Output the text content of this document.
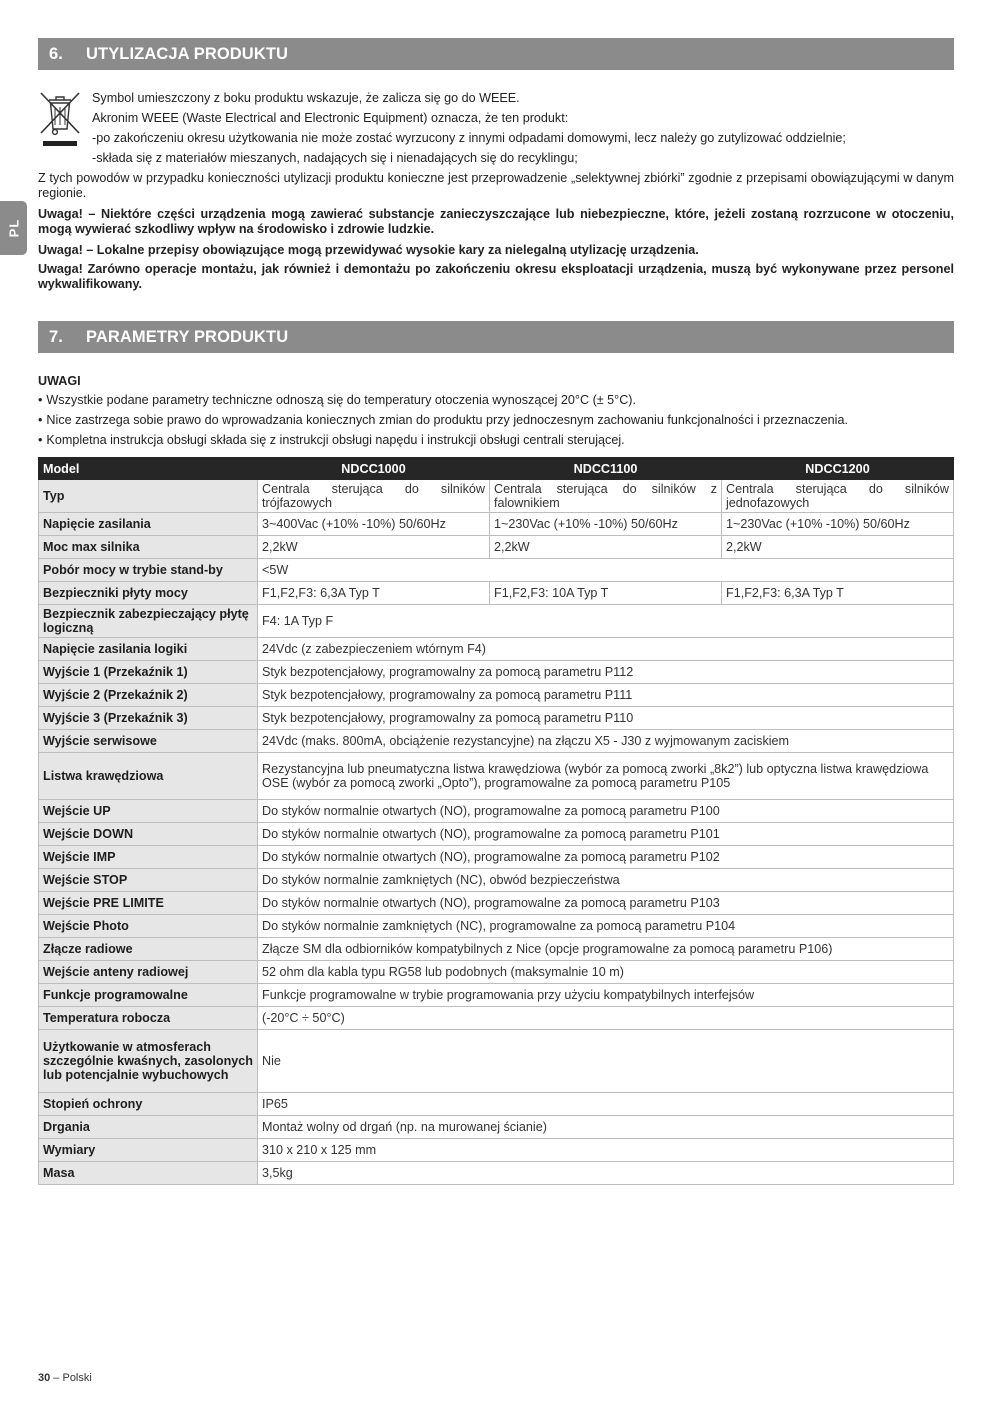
PL
6. UTYLIZACJA PRODUKTU
Symbol umieszczony z boku produktu wskazuje, że zalicza się go do WEEE.
Akronim WEEE (Waste Electrical and Electronic Equipment) oznacza, że ten produkt:
-po zakończeniu okresu użytkowania nie może zostać wyrzucony z innymi odpadami domowymi, lecz należy go zutylizować oddzielnie;
-składa się z materiałów mieszanych, nadających się i nienadających się do recyklingu;
Z tych powodów w przypadku konieczności utylizacji produktu konieczne jest przeprowadzenie „selektywnej zbiórki” zgodnie z przepisami obowiązującymi w danym regionie.
Uwaga! – Niektóre części urządzenia mogą zawierać substancje zanieczyszczające lub niebezpieczne, które, jeżeli zostaną rozrzucone w otoczeniu, mogą wywierać szkodliwy wpływ na środowisko i zdrowie ludzkie.
Uwaga! – Lokalne przepisy obowiązujące mogą przewidywać wysokie kary za nielegalną utylizację urządzenia.
Uwaga! Zarówno operacje montażu, jak również i demontażu po zakończeniu okresu eksploatacji urządzenia, muszą być wykonywane przez personel wykwalifikowany.
7. PARAMETRY PRODUKTU
UWAGI
• Wszystkie podane parametry techniczne odnoszą się do temperatury otoczenia wynoszącej 20°C (± 5°C).
• Nice zastrzega sobie prawo do wprowadzania koniecznych zmian do produktu przy jednoczesnym zachowaniu funkcjonalności i przeznaczenia.
• Kompletna instrukcja obsługi składa się z instrukcji obsługi napędu i instrukcji obsługi centrali sterującej.
Model	NDCC1000	NDCC1100	NDCC1200
Typ	Centrala sterująca do silników trójfazowych	Centrala sterująca do silników z falownikiem	Centrala sterująca do silników jednofazowych
Napięcie zasilania	3~400Vac (+10% -10%) 50/60Hz	1~230Vac (+10% -10%) 50/60Hz	1~230Vac (+10% -10%) 50/60Hz
Moc max silnika	2,2kW	2,2kW	2,2kW
Pobór mocy w trybie stand-by	<5W		
Bezpieczniki płyty mocy	F1,F2,F3: 6,3A Typ T	F1,F2,F3: 10A Typ T	F1,F2,F3: 6,3A Typ T
Bezpiecznik zabezpieczający płytę logiczną	F4: 1A Typ F		
Napięcie zasilania logiki	24Vdc (z zabezpieczeniem wtórnym F4)		
Wyjście 1 (Przekaźnik 1)	Styk bezpotencjałowy, programowalny za pomocą parametru P112		
Wyjście 2 (Przekaźnik 2)	Styk bezpotencjałowy, programowalny za pomocą parametru P111		
Wyjście 3 (Przekaźnik 3)	Styk bezpotencjałowy, programowalny za pomocą parametru P110		
Wyjście serwisowe	24Vdc (maks. 800mA, obciążenie rezystancyjne) na złączu X5 - J30 z wyjmowanym zaciskiem		
Listwa krawędziowa	Rezystancyjna lub pneumatyczna listwa krawędziowa (wybór za pomocą zworki „8k2”) lub optyczna listwa krawędziowa OSE (wybór za pomocą zworki „Opto”), programowalne za pomocą parametru P105		
Wejście UP	Do styków normalnie otwartych (NO), programowalne za pomocą parametru P100		
Wejście DOWN	Do styków normalnie otwartych (NO), programowalne za pomocą parametru P101		
Wejście IMP	Do styków normalnie otwartych (NO), programowalne za pomocą parametru P102		
Wejście STOP	Do styków normalnie zamkniętych (NC), obwód bezpieczeństwa		
Wejście PRE LIMITE	Do styków normalnie otwartych (NO), programowalne za pomocą parametru P103		
Wejście Photo	Do styków normalnie zamkniętych (NC), programowalne za pomocą parametru P104		
Złącze radiowe	Złącze SM dla odbiorników kompatybilnych z Nice (opcje programowalne za pomocą parametru P106)		
Wejście anteny radiowej	52 ohm dla kabla typu RG58 lub podobnych (maksymalnie 10 m)		
Funkcje programowalne	Funkcje programowalne w trybie programowania przy użyciu kompatybilnych interfejsów		
Temperatura robocza	(-20°C ÷ 50°C)		
Użytkowanie w atmosferach szczególnie kwaśnych, zasolonych lub potencjalnie wybuchowych	Nie		
Stopień ochrony	IP65		
Drgania	Montaż wolny od drgań (np. na murowanej ścianie)		
Wymiary	310 x 210 x 125 mm		
Masa	3,5kg		
30 – Polski
